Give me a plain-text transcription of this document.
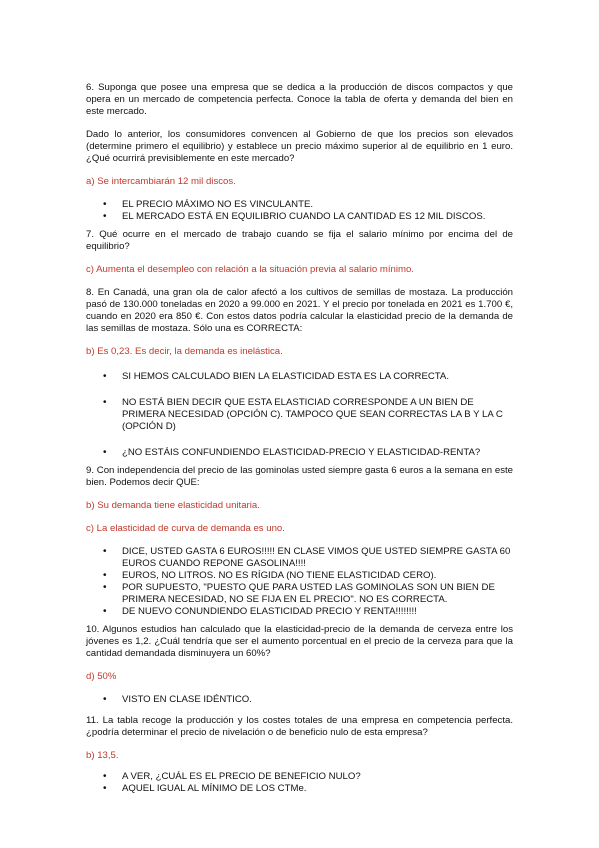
6. Suponga que posee una empresa que se dedica a la producción de discos compactos y que opera en un mercado de competencia perfecta. Conoce la tabla de oferta y demanda del bien en este mercado.

Dado lo anterior, los consumidores convencen al Gobierno de que los precios son elevados (determine primero el equilibrio) y establece un precio máximo superior al de equilibrio en 1 euro. ¿Qué ocurrirá previsiblemente en este mercado?

a) Se intercambiarán 12 mil discos.

• EL PRECIO MÁXIMO NO ES VINCULANTE.
• EL MERCADO ESTÁ EN EQUILIBRIO CUANDO LA CANTIDAD ES 12 MIL DISCOS.

7. Qué ocurre en el mercado de trabajo cuando se fija el salario mínimo por encima del de equilibrio?

c) Aumenta el desempleo con relación a la situación previa al salario mínimo.

8. En Canadá, una gran ola de calor afectó a los cultivos de semillas de mostaza. La producción pasó de 130.000 toneladas en 2020 a 99.000 en 2021. Y el precio por tonelada en 2021 es 1.700 €, cuando en 2020 era 850 €. Con estos datos podría calcular la elasticidad precio de la demanda de las semillas de mostaza. Sólo una es CORRECTA:

b) Es 0,23. Es decir, la demanda es inelástica.

• SI HEMOS CALCULADO BIEN LA ELASTICIDAD ESTA ES LA CORRECTA.
• NO ESTÁ BIEN DECIR QUE ESTA ELASTICIAD CORRESPONDE A UN BIEN DE PRIMERA NECESIDAD (OPCIÓN C). TAMPOCO QUE SEAN CORRECTAS LA B Y LA C (OPCIÓN D)
• ¿NO ESTÁIS CONFUNDIENDO ELASTICIDAD-PRECIO Y ELASTICIDAD-RENTA?

9. Con independencia del precio de las gominolas usted siempre gasta 6 euros a la semana en este bien. Podemos decir QUE:

b) Su demanda tiene elasticidad unitaria.

c) La elasticidad de curva de demanda es uno.

• DICE, USTED GASTA 6 EUROS!!!!! EN CLASE VIMOS QUE USTED SIEMPRE GASTA 60 EUROS CUANDO REPONE GASOLINA!!!!
• EUROS, NO LITROS. NO ES RÍGIDA (NO TIENE ELASTICIDAD CERO).
• POR SUPUESTO, "PUESTO QUE PARA USTED LAS GOMINOLAS SON UN BIEN DE PRIMERA NECESIDAD, NO SE FIJA EN EL PRECIO". NO ES CORRECTA.
• DE NUEVO CONUNDIENDO ELASTICIDAD PRECIO Y RENTA!!!!!!!!

10. Algunos estudios han calculado que la elasticidad-precio de la demanda de cerveza entre los jóvenes es 1,2. ¿Cuál tendría que ser el aumento porcentual en el precio de la cerveza para que la cantidad demandada disminuyera un 60%?

d) 50%

• VISTO EN CLASE IDÉNTICO.

11. La tabla recoge la producción y los costes totales de una empresa en competencia perfecta. ¿podría determinar el precio de nivelación o de beneficio nulo de esta empresa?

b) 13,5.

• A VER, ¿CUÁL ES EL PRECIO DE BENEFICIO NULO?
• AQUEL IGUAL AL MÍNIMO DE LOS CTMe.
